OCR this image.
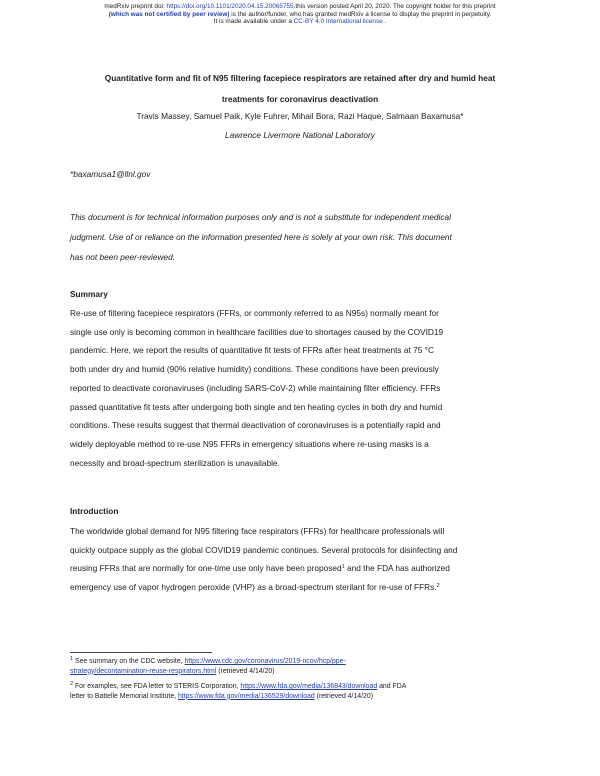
medRxiv preprint doi: https://doi.org/10.1101/2020.04.15.20065755.this version posted April 20, 2020. The copyright holder for this preprint
(which was not certified by peer review) is the author/funder, who has granted medRxiv a license to display the preprint in perpetuity.
It is made available under a CC-BY 4.0 International license .
Quantitative form and fit of N95 filtering facepiece respirators are retained after dry and humid heat
treatments for coronavirus deactivation
Travis Massey, Samuel Paik, Kyle Fuhrer, Mihail Bora, Razi Haque, Salmaan Baxamusa*
Lawrence Livermore National Laboratory
*baxamusa1@llnl.gov
This document is for technical information purposes only and is not a substitute for independent medical
judgment. Use of or reliance on the information presented here is solely at your own risk. This document
has not been peer-reviewed.
Summary
Re-use of filtering facepiece respirators (FFRs, or commonly referred to as N95s) normally meant for
single use only is becoming common in healthcare facilities due to shortages caused by the COVID19
pandemic. Here, we report the results of quantitative fit tests of FFRs after heat treatments at 75 °C
both under dry and humid (90% relative humidity) conditions. These conditions have been previously
reported to deactivate coronaviruses (including SARS-CoV-2) while maintaining filter efficiency. FFRs
passed quantitative fit tests after undergoing both single and ten heating cycles in both dry and humid
conditions. These results suggest that thermal deactivation of coronaviruses is a potentially rapid and
widely deployable method to re-use N95 FFRs in emergency situations where re-using masks is a
necessity and broad-spectrum sterilization is unavailable.
Introduction
The worldwide global demand for N95 filtering face respirators (FFRs) for healthcare professionals will
quickly outpace supply as the global COVID19 pandemic continues. Several protocols for disinfecting and
reusing FFRs that are normally for one-time use only have been proposed$^1$ and the FDA has authorized
emergency use of vapor hydrogen peroxide (VHP) as a broad-spectrum sterilant for re-use of FFRs.$^2$
$^1$ See summary on the CDC website, https://www.cdc.gov/coronavirus/2019-ncov/hcp/ppe-
strategy/decontamination-reuse-respirators.html (retrieved 4/14/20)
$^2$ For examples, see FDA letter to STERIS Corporation, https://www.fda.gov/media/136843/download and FDA
letter to Battelle Memorial Institute, https://www.fda.gov/media/136529/download (retrieved 4/14/20)
